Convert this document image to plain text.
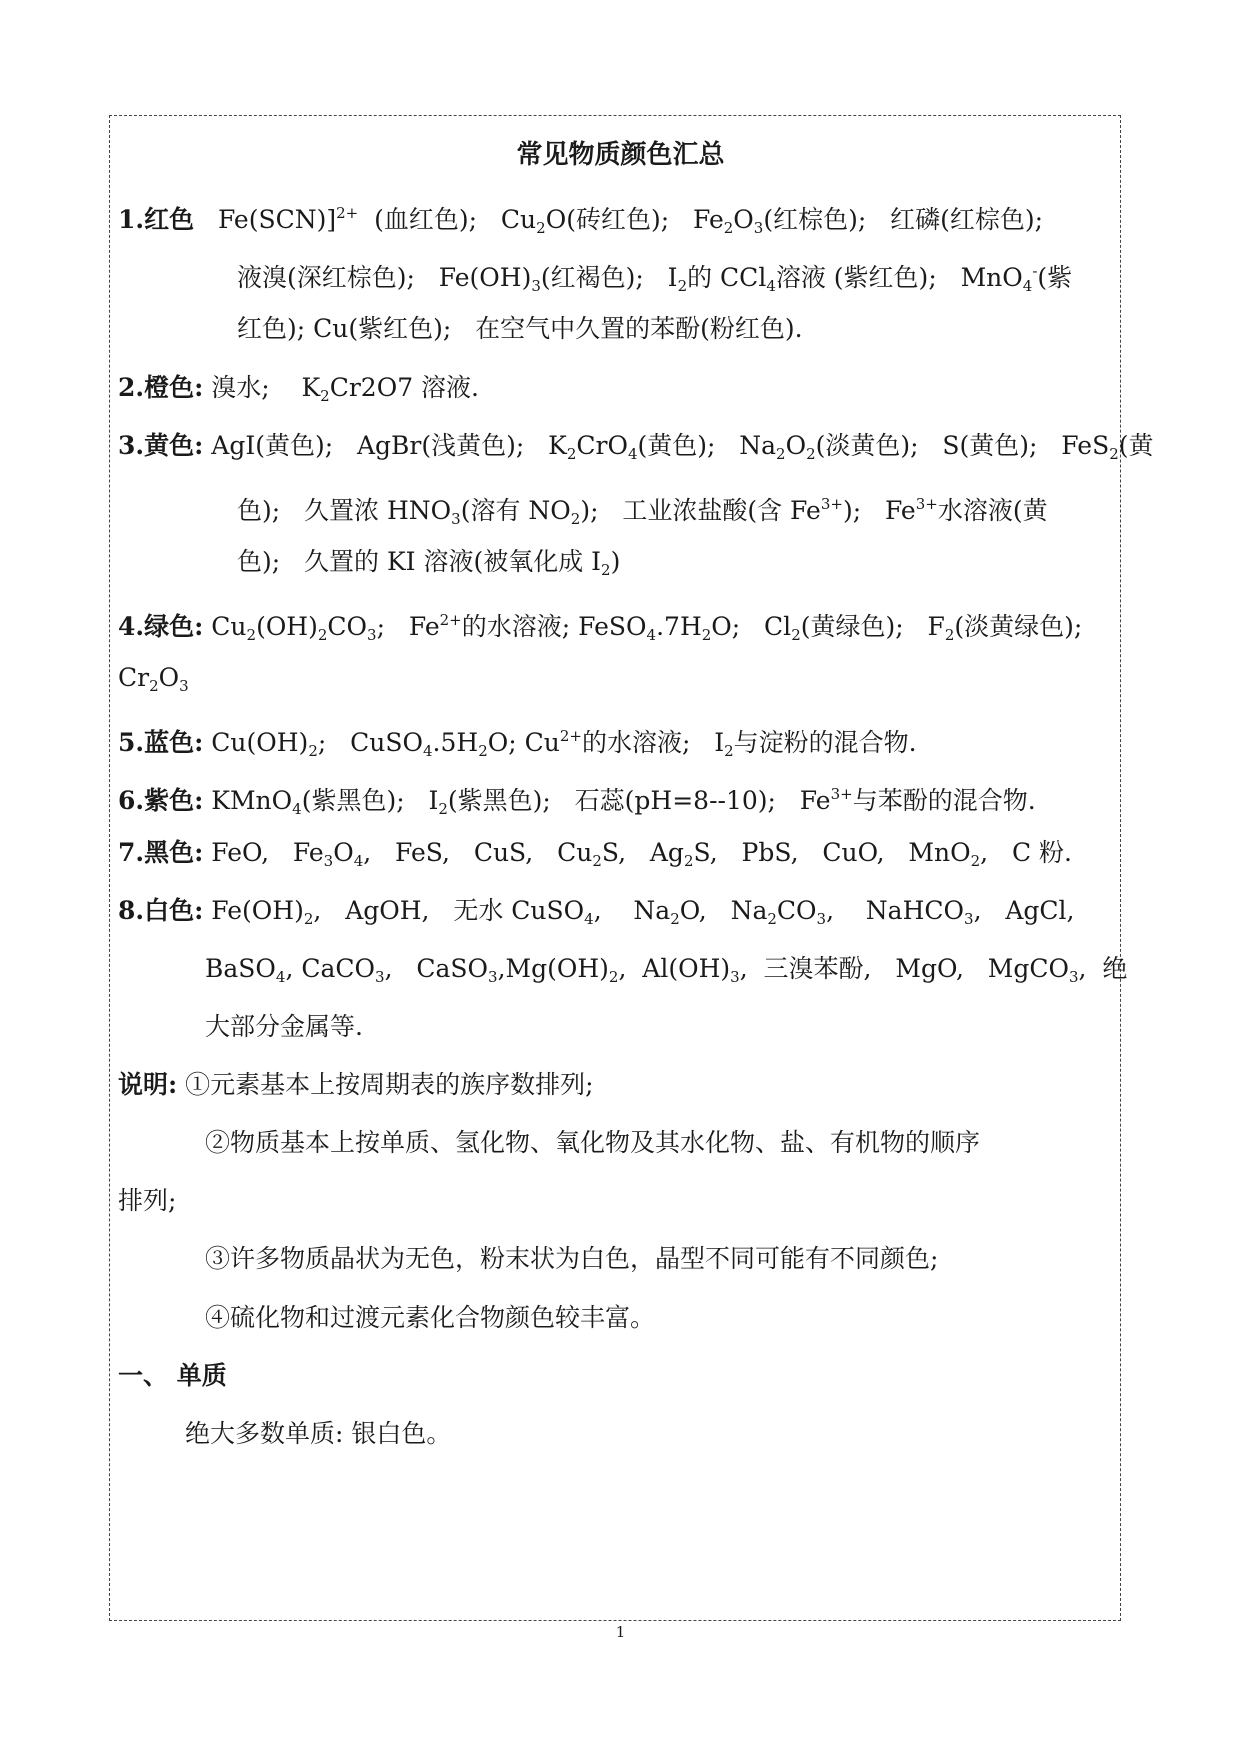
常见物质颜色汇总
1.红色   Fe(SCN)]$^{2+}$  (血红色);   $Cu_2O$(砖红色);   $Fe_2O_3$(红棕色);   红磷(红棕色);
液溴(深红棕色);   $Fe(OH)_3$(红褐色);   $I_2$的 CCl$_4$溶液 (紫红色);   MnO$_4$-(紫
红色); Cu(紫红色);   在空气中久置的苯酚(粉红色).
2.橙色: 溴水;    $K_2Cr2O7$ 溶液.
3.黄色: AgI(黄色);   AgBr(浅黄色);   $K_2CrO_4$(黄色);   $Na_2O_2$(淡黄色);   S(黄色);   FeS$_2$(黄
色);   久置浓 $HNO_3$(溶有 $NO_2$);   工业浓盐酸(含 $Fe^{3+}$);   $Fe^{3+}$水溶液(黄
色);   久置的 KI 溶液(被氧化成 $I_2$)
4.绿色: $Cu_2(OH)_2CO_3$;   $Fe^{2+}$的水溶液; $FeSO_4.7H_2O$;   $Cl_2$(黄绿色);   $F_2$(淡黄绿色);
$Cr_2O_3$
5.蓝色: $Cu(OH)_2$;   $CuSO_4.5H_2O$; $Cu^{2+}$的水溶液;   $I_2$与淀粉的混合物.
6.紫色: KMnO$_4$(紫黑色);   $I_2$(紫黑色);   石蕊(pH=8--10);   $Fe^{3+}$与苯酚的混合物.
7.黑色: FeO,   $Fe_3O_4$,   FeS,   CuS,   $Cu_2S$,   $Ag_2S$,   PbS,   CuO,   MnO$_2$,   C 粉.
8.白色: $Fe(OH)_2$,   AgOH,   无水 CuSO$_4$,    $Na_2O$,   $Na_2CO_3$,    NaHCO$_3$,   AgCl,
BaSO$_4$, CaCO$_3$,   $CaSO_3,Mg(OH)_2$,  $Al(OH)_3$,  三溴苯酚,   MgO,   MgCO$_3$,  绝
大部分金属等.
说明: ①元素基本上按周期表的族序数排列;
②物质基本上按单质、氢化物、氧化物及其水化物、盐、有机物的顺序
排列;
③许多物质晶状为无色，粉末状为白色，晶型不同可能有不同颜色;
④硫化物和过渡元素化合物颜色较丰富。
一、 单质
绝大多数单质: 银白色。
1
